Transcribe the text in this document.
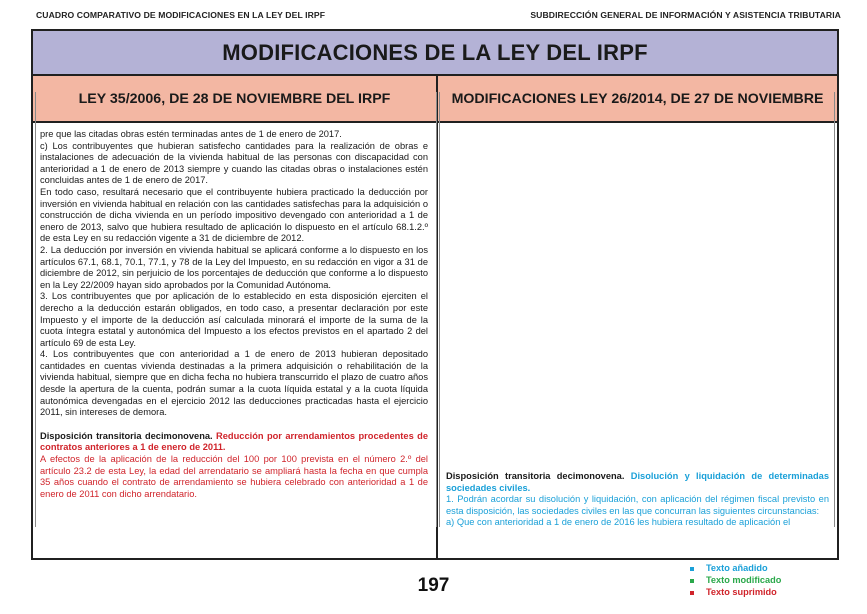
CUADRO COMPARATIVO DE MODIFICACIONES EN LA LEY DEL IRPF	SUBDIRECCIÓN GENERAL DE INFORMACIÓN Y ASISTENCIA TRIBUTARIA
MODIFICACIONES DE LA LEY DEL IRPF
LEY 35/2006, DE 28 DE NOVIEMBRE DEL IRPF	MODIFICACIONES LEY 26/2014, DE 27 DE NOVIEMBRE

pre que las citadas obras estén terminadas antes de 1 de enero de 2017.

c) Los contribuyentes que hubieran satisfecho cantidades para la realización de obras e instalaciones de adecuación de la vivienda habitual de las personas con discapacidad con anterioridad a 1 de enero de 2013 siempre y cuando las citadas obras o instalaciones estén concluidas antes de 1 de enero de 2017.

En todo caso, resultará necesario que el contribuyente hubiera practicado la deducción por inversión en vivienda habitual en relación con las cantidades satisfechas para la adquisición o construcción de dicha vivienda en un período impositivo devengado con anterioridad a 1 de enero de 2013, salvo que hubiera resultado de aplicación lo dispuesto en el artículo 68.1.2.º de esta Ley en su redacción vigente a 31 de diciembre de 2012.

2. La deducción por inversión en vivienda habitual se aplicará conforme a lo dispuesto en los artículos 67.1, 68.1, 70.1, 77.1, y 78 de la Ley del Impuesto, en su redacción en vigor a 31 de diciembre de 2012, sin perjuicio de los porcentajes de deducción que conforme a lo dispuesto en la Ley 22/2009 hayan sido aprobados por la Comunidad Autónoma.

3. Los contribuyentes que por aplicación de lo establecido en esta disposición ejerciten el derecho a la deducción estarán obligados, en todo caso, a presentar declaración por este Impuesto y el importe de la deducción así calculada minorará el importe de la suma de la cuota íntegra estatal y autonómica del Impuesto a los efectos previstos en el apartado 2 del artículo 69 de esta Ley.

4. Los contribuyentes que con anterioridad a 1 de enero de 2013 hubieran depositado cantidades en cuentas vivienda destinadas a la primera adquisición o rehabilitación de la vivienda habitual, siempre que en dicha fecha no hubiera transcurrido el plazo de cuatro años desde la apertura de la cuenta, podrán sumar a la cuota líquida estatal y a la cuota líquida autonómica devengadas en el ejercicio 2012 las deducciones practicadas hasta el ejercicio 2011, sin intereses de demora.

Disposición transitoria decimonovena. Reducción por arrendamientos procedentes de contratos anteriores a 1 de enero de 2011.

A efectos de la aplicación de la reducción del 100 por 100 prevista en el número 2.º del artículo 23.2 de esta Ley, la edad del arrendatario se ampliará hasta la fecha en que cumpla 35 años cuando el contrato de arrendamiento se hubiera celebrado con anterioridad a 1 de enero de 2011 con dicho arrendatario.

Disposición transitoria decimonovena. Disolución y liquidación de determinadas sociedades civiles.

1. Podrán acordar su disolución y liquidación, con aplicación del régimen fiscal previsto en esta disposición, las sociedades civiles en las que concurran las siguientes circunstancias:

a) Que con anterioridad a 1 de enero de 2016 les hubiera resultado de aplicación el

197
Texto añadido
Texto modificado
Texto suprimido
